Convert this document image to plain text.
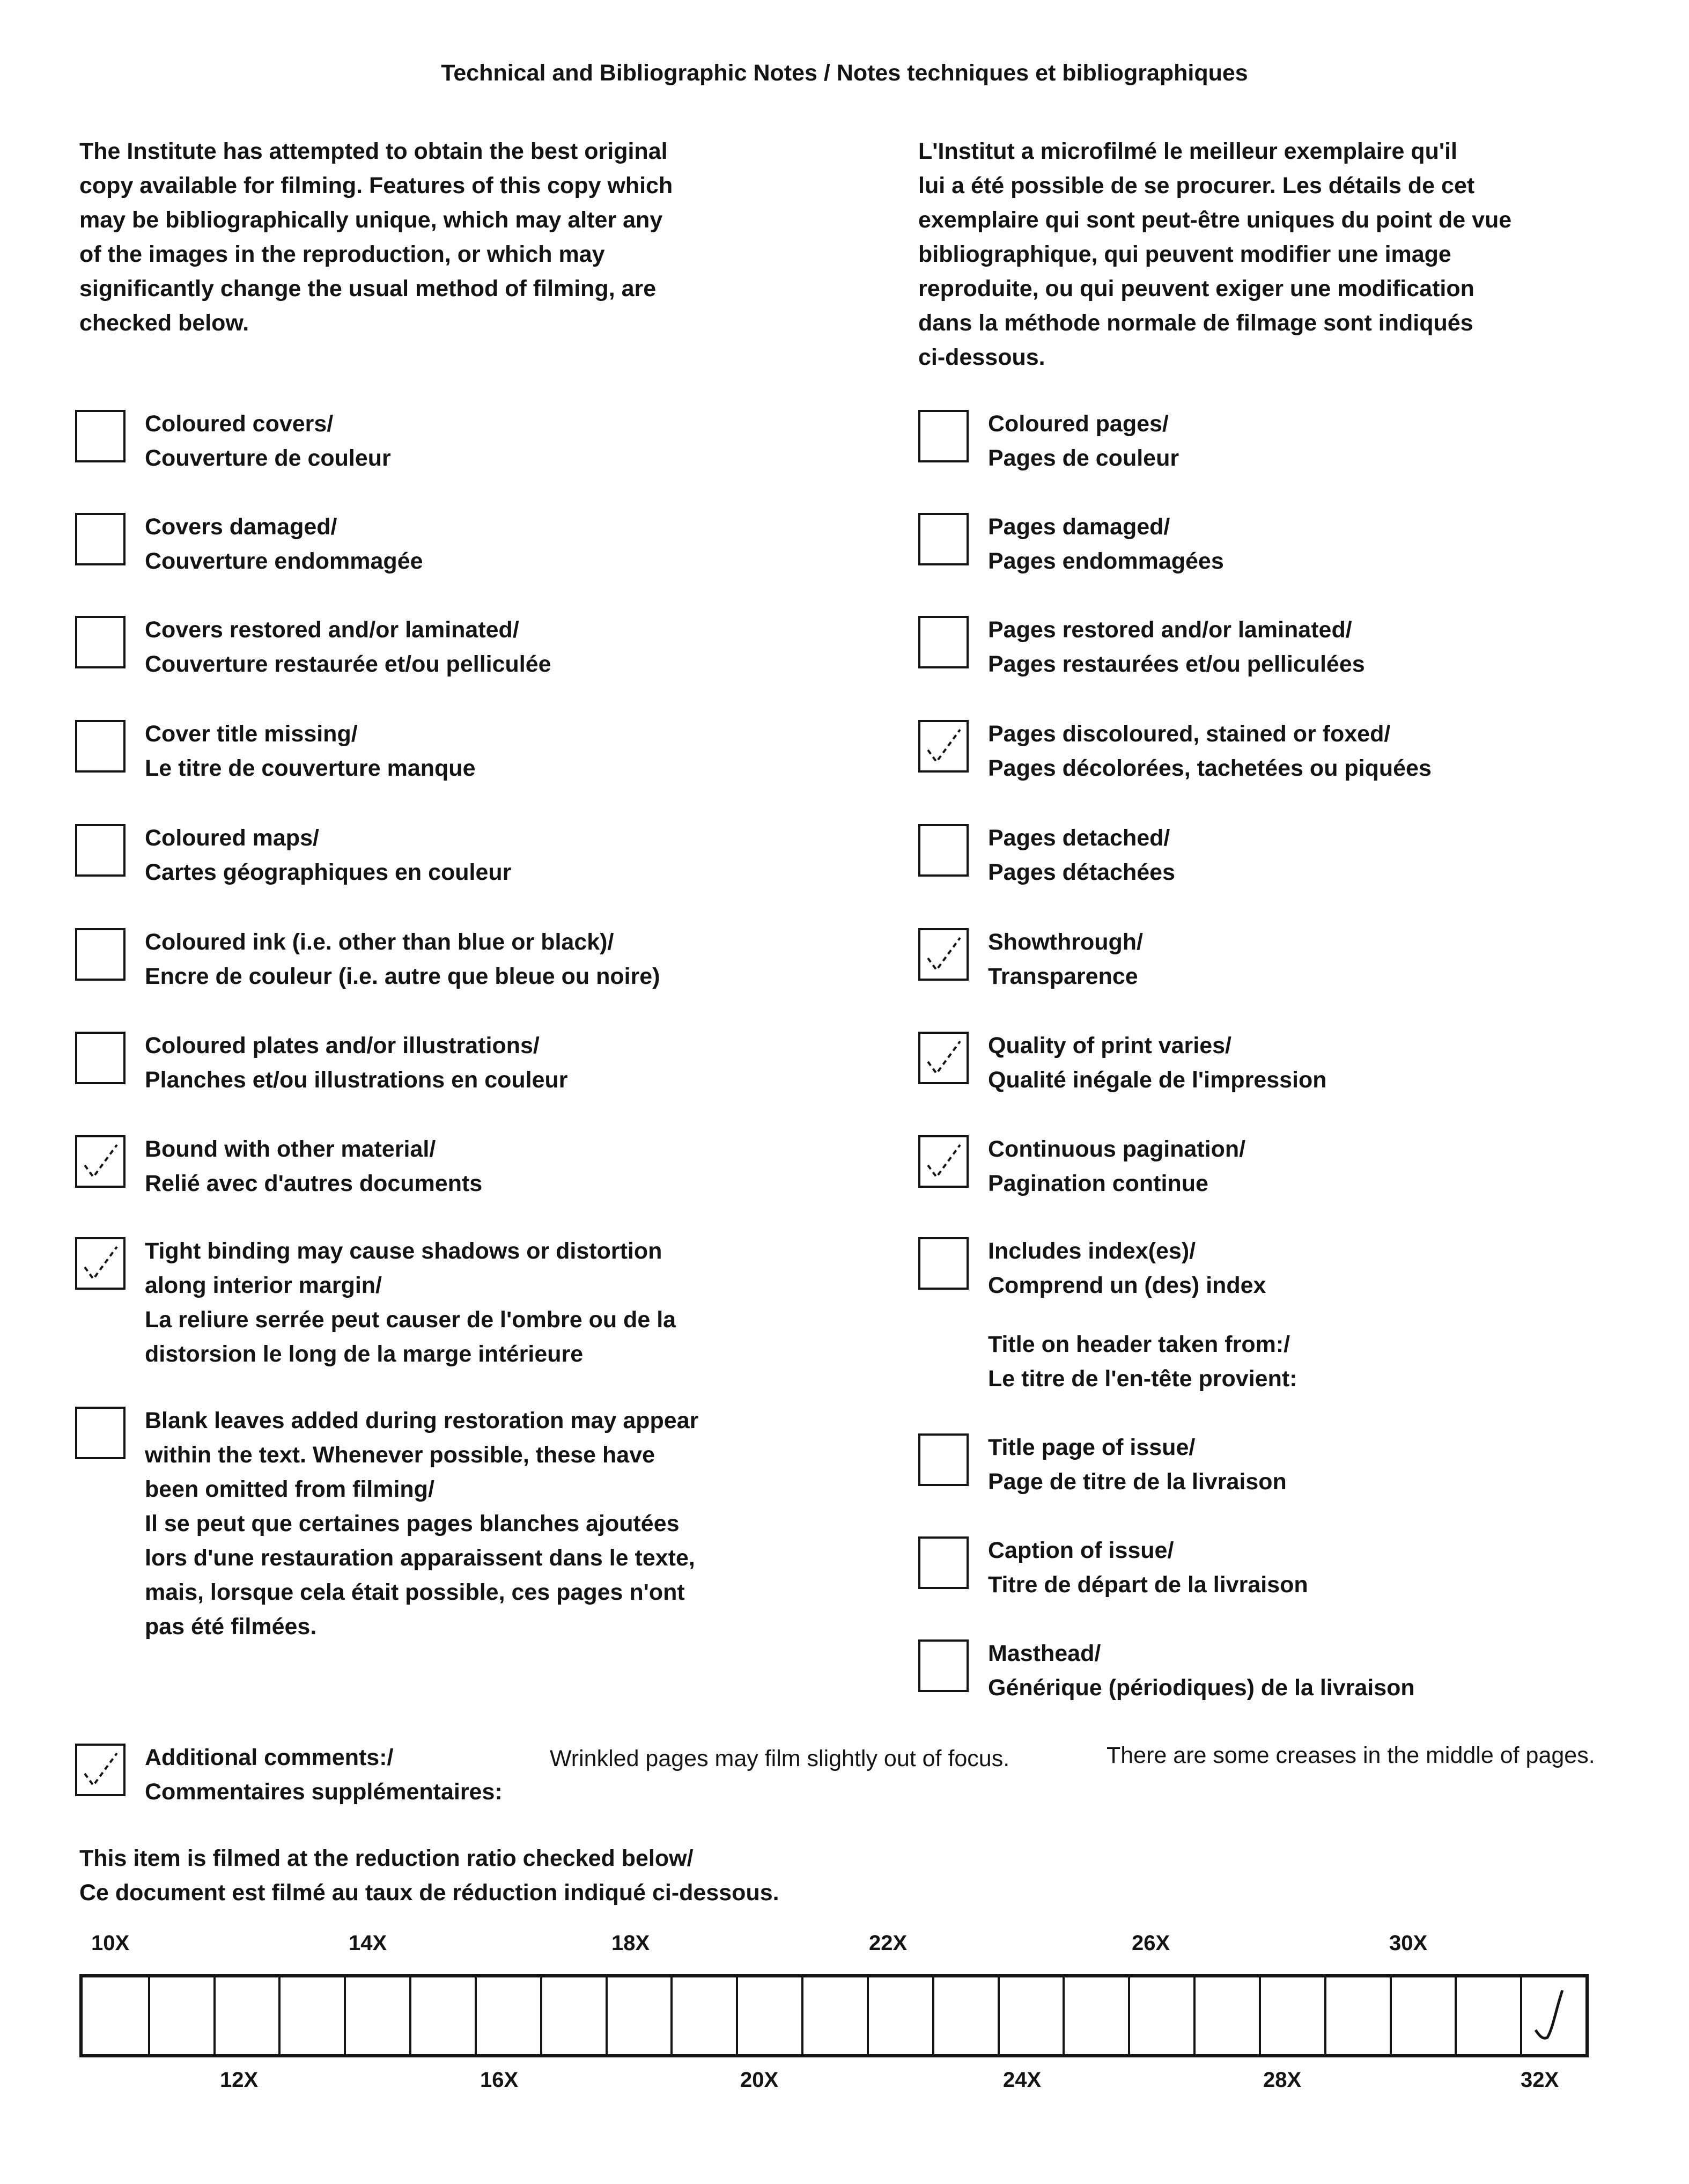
Technical and Bibliographic Notes / Notes techniques et bibliographiques
The Institute has attempted to obtain the best original
copy available for filming. Features of this copy which
may be bibliographically unique, which may alter any
of the images in the reproduction, or which may
significantly change the usual method of filming, are
checked below.
L'Institut a microfilmé le meilleur exemplaire qu'il
lui a été possible de se procurer. Les détails de cet
exemplaire qui sont peut-être uniques du point de vue
bibliographique, qui peuvent modifier une image
reproduite, ou qui peuvent exiger une modification
dans la méthode normale de filmage sont indiqués
ci-dessous.
Coloured covers/
Couverture de couleur
Covers damaged/
Couverture endommagée
Covers restored and/or laminated/
Couverture restaurée et/ou pelliculée
Cover title missing/
Le titre de couverture manque
Coloured maps/
Cartes géographiques en couleur
Coloured ink (i.e. other than blue or black)/
Encre de couleur (i.e. autre que bleue ou noire)
Coloured plates and/or illustrations/
Planches et/ou illustrations en couleur
Bound with other material/
Relié avec d'autres documents
Tight binding may cause shadows or distortion
along interior margin/
La reliure serrée peut causer de l'ombre ou de la
distorsion le long de la marge intérieure
Blank leaves added during restoration may appear
within the text. Whenever possible, these have
been omitted from filming/
Il se peut que certaines pages blanches ajoutées
lors d'une restauration apparaissent dans le texte,
mais, lorsque cela était possible, ces pages n'ont
pas été filmées.
Coloured pages/
Pages de couleur
Pages damaged/
Pages endommagées
Pages restored and/or laminated/
Pages restaurées et/ou pelliculées
Pages discoloured, stained or foxed/
Pages décolorées, tachetées ou piquées
Pages detached/
Pages détachées
Showthrough/
Transparence
Quality of print varies/
Qualité inégale de l'impression
Continuous pagination/
Pagination continue
Includes index(es)/
Comprend un (des) index
Title page of issue/
Page de titre de la livraison
Caption of issue/
Titre de départ de la livraison
Masthead/
Générique (périodiques) de la livraison
Title on header taken from:/
Le titre de l'en-tête provient:
Additional comments:/
Commentaires supplémentaires:
Wrinkled pages may film slightly out of focus.	There are some creases in the middle of pages.
This item is filmed at the reduction ratio checked below/
Ce document est filmé au taux de réduction indiqué ci-dessous.
10X	14X	18X	22X	26X	30X
12X	16X	20X	24X	28X	32X
